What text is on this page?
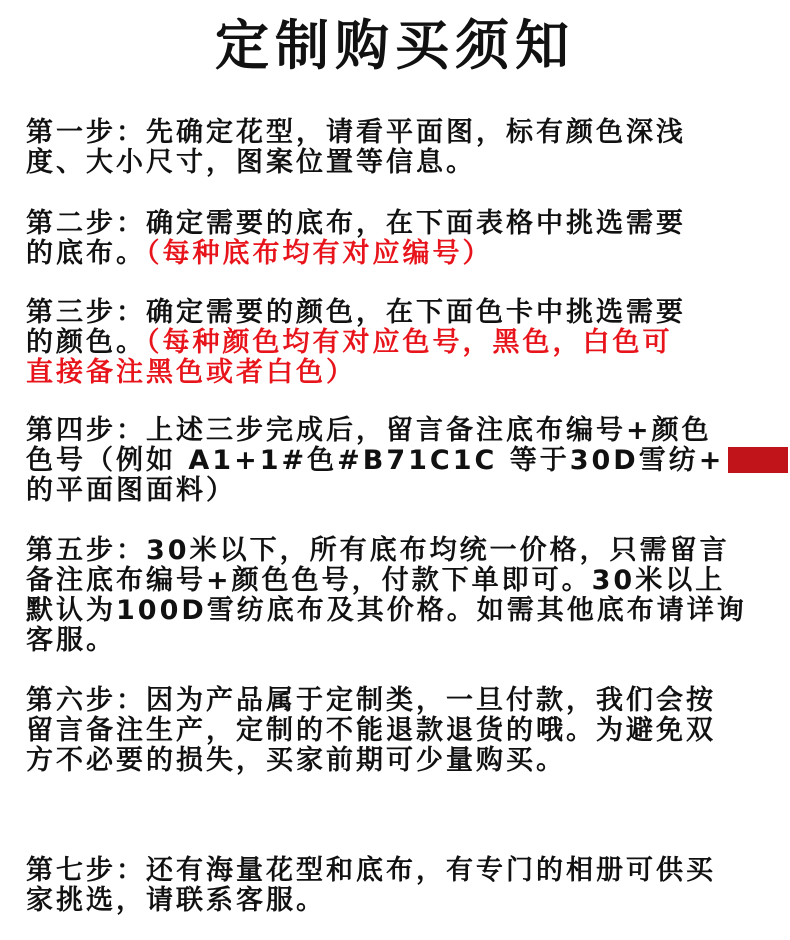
定制购买须知
第一步：先确定花型，请看平面图，标有颜色深浅
度、大小尺寸，图案位置等信息。
第二步：确定需要的底布，在下面表格中挑选需要
的底布。（每种底布均有对应编号）
第三步：确定需要的颜色，在下面色卡中挑选需要
的颜色。（每种颜色均有对应色号，黑色，白色可
直接备注黑色或者白色）
第四步：上述三步完成后，留言备注底布编号+颜色
色号（例如 A1+1#色#B71C1C 等于30D雪纺+
的平面图面料）
第五步：30米以下，所有底布均统一价格，只需留言
备注底布编号+颜色色号，付款下单即可。30米以上
默认为100D雪纺底布及其价格。如需其他底布请详询
客服。
第六步：因为产品属于定制类，一旦付款，我们会按
留言备注生产，定制的不能退款退货的哦。为避免双
方不必要的损失，买家前期可少量购买。
第七步：还有海量花型和底布，有专门的相册可供买
家挑选，请联系客服。
